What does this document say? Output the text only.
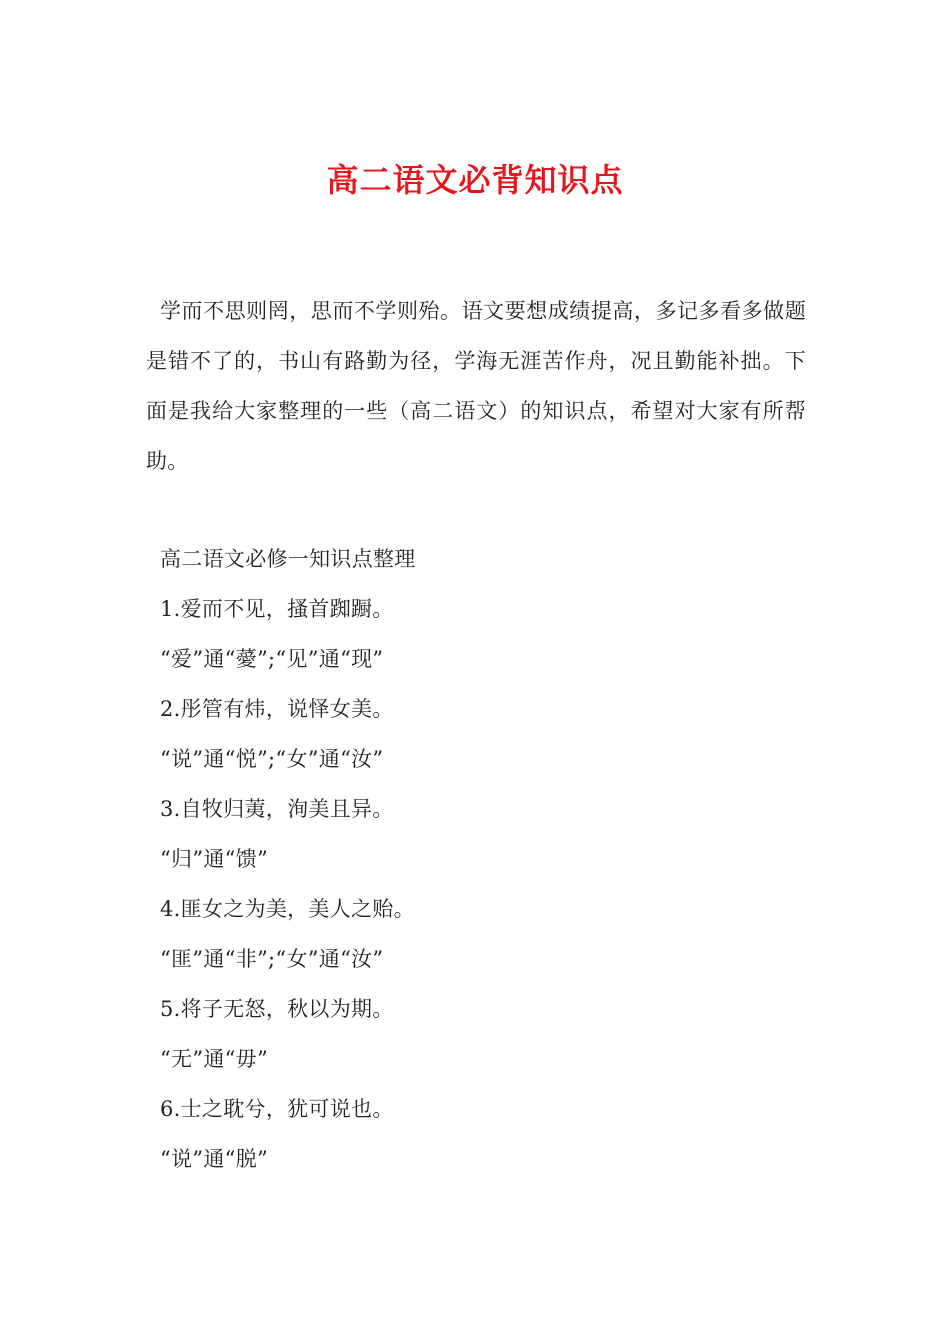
高二语文必背知识点
学而不思则罔，思而不学则殆。语文要想成绩提高，多记多看多做题是错不了的，书山有路勤为径，学海无涯苦作舟，况且勤能补拙。下面是我给大家整理的一些（高二语文）的知识点，希望对大家有所帮助。
高二语文必修一知识点整理
1.爱而不见，搔首踟蹰。
“爱”通“薆”;“见”通“现”
2.彤管有炜，说怿女美。
“说”通“悦”;“女”通“汝”
3.自牧归荑，洵美且异。
“归”通“馈”
4.匪女之为美，美人之贻。
“匪”通“非”;“女”通“汝”
5.将子无怒，秋以为期。
“无”通“毋”
6.士之耽兮，犹可说也。
“说”通“脱”
